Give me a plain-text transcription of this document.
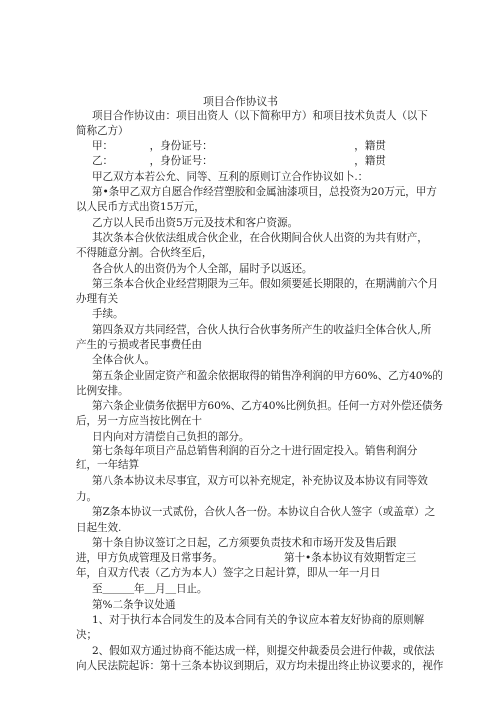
项目合作协议书
项目合作协议由：项目出资人（以下简称甲方）和项目技术负责人（以下
简称乙方）
甲：　　　　，身份证号：　　　　　　　　　　　　　　，籍贯
乙：　　　　，身份证号：　　　　　　　　　　　　　　，籍贯
甲乙双方本若公允、同等、互利的原则订立合作协议如卜.：
第•条甲乙双方自愿合作经营塑胶和金属油漆项目，总投资为20万元，甲方
以人民币方式出资15万元，
乙方以人民币出资5万元及技术和客户资源。
其次条本合伙依法组成合伙企业，在合伙期间合伙人出资的为共有财产，
不得随意分割。合伙终至后，
各合伙人的出资仍为个人全部，届时予以返还。
第三条本合伙企业经营期限为三年。假如须要延长期限的，在期满前六个月
办理有关
手续。
第四条双方共同经营，合伙人执行合伙事务所产生的收益归全体合伙人,所
产生的亏损或者民事费任由
全体合伙人。
第五条企业固定资产和盈余依据取得的销售净利润的甲方60%、乙方40%的
比例安排。
第六条企业债务依据甲方60%、乙方40%比例负担。任何一方对外偿还债务
后，另一方应当按比例在十
日内向对方清偿自己负担的部分。
第七条每年项目产品总销售利润的百分之十进行固定投入。销售利润分
红，一年结算
第八条本协议未尽事宜，双方可以补充规定，补充协议及本协议有同等效
力。
第Z条本协议一式贰份，合伙人各一份。本协议自合伙人签字（或盖章）之
日起生效.
第十条自协议签订之日起，乙方须要负责技术和市场开发及售后跟
进，甲方负成管理及日常事务。	第十•条本协议有效期暂定三
年，自双方代表（乙方为本人）签字之日起计算，即从一年一月日
至＿＿＿年＿月＿日止。
第%二条争议处通
1、对于执行本合同发生的及本合同有关的争议应本着友好协商的原则解
决；
2、假如双方通过协商不能达成一样，则提交仲裁委员会进行仲裁，或依法
向人民法院起诉：第十三条本协议到期后，双方均未提出终止协议要求的，视作
